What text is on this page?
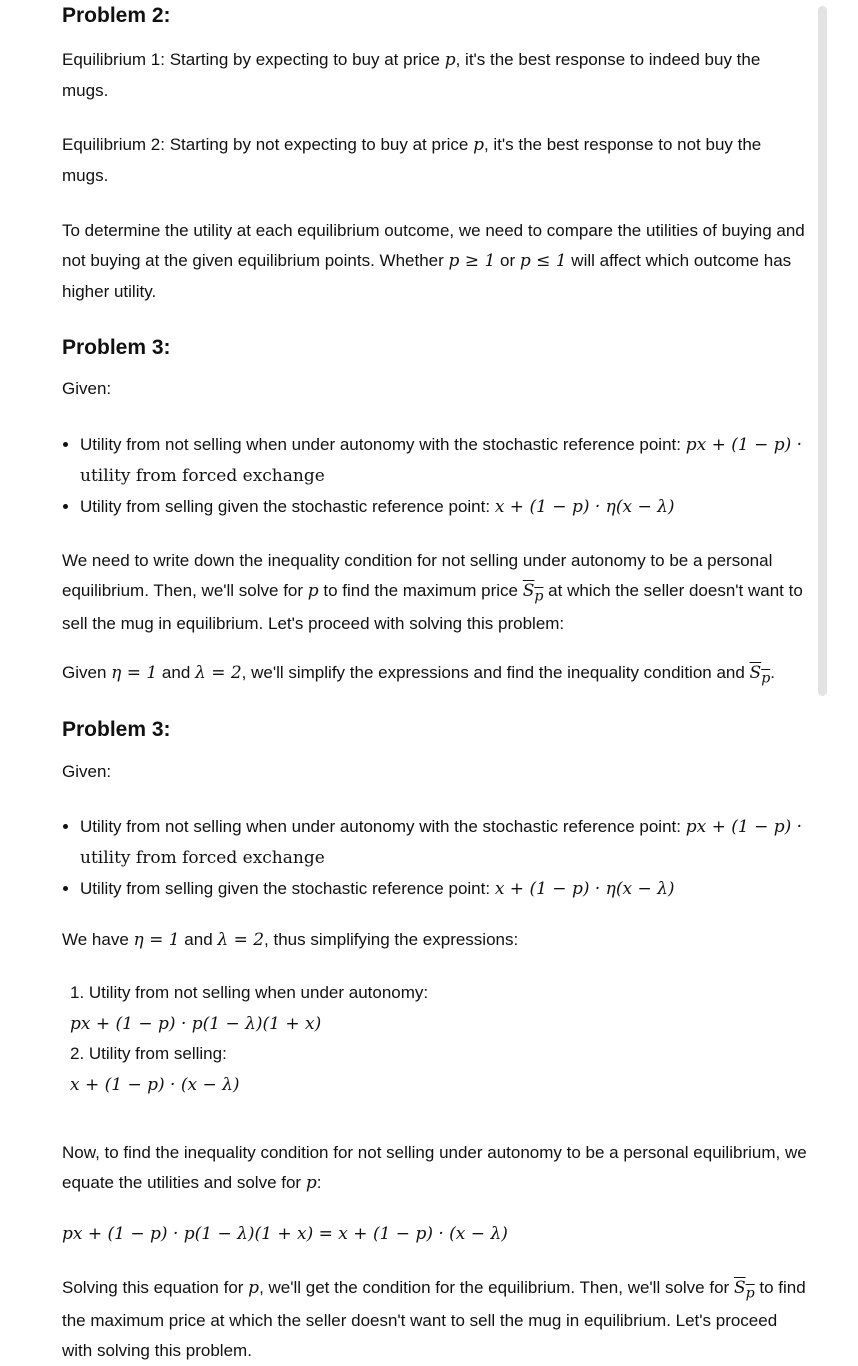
Problem 2:

Equilibrium 1: Starting by expecting to buy at price p, it's the best response to indeed buy the mugs.

Equilibrium 2: Starting by not expecting to buy at price p, it's the best response to not buy the mugs.

To determine the utility at each equilibrium outcome, we need to compare the utilities of buying and not buying at the given equilibrium points. Whether p ≥ 1 or p ≤ 1 will affect which outcome has higher utility.

Problem 3:

Given:

• Utility from not selling when under autonomy with the stochastic reference point: px + (1 − p) · utility from forced exchange
• Utility from selling given the stochastic reference point: x + (1 − p) · η(x − λ)

We need to write down the inequality condition for not selling under autonomy to be a personal equilibrium. Then, we'll solve for p to find the maximum price $S_p$ at which the seller doesn't want to sell the mug in equilibrium. Let's proceed with solving this problem:

Given η = 1 and λ = 2, we'll simplify the expressions and find the inequality condition and $S_p$.

Problem 3:

Given:

• Utility from not selling when under autonomy with the stochastic reference point: px + (1 − p) · utility from forced exchange
• Utility from selling given the stochastic reference point: x + (1 − p) · η(x − λ)

We have η = 1 and λ = 2, thus simplifying the expressions:

1. Utility from not selling when under autonomy:
px + (1 − p) · p(1 − λ)(1 + x)
2. Utility from selling:
x + (1 − p) · (x − λ)

Now, to find the inequality condition for not selling under autonomy to be a personal equilibrium, we equate the utilities and solve for p:

px + (1 − p) · p(1 − λ)(1 + x) = x + (1 − p) · (x − λ)

Solving this equation for p, we'll get the condition for the equilibrium. Then, we'll solve for $S_p$ to find the maximum price at which the seller doesn't want to sell the mug in equilibrium. Let's proceed with solving this problem.
